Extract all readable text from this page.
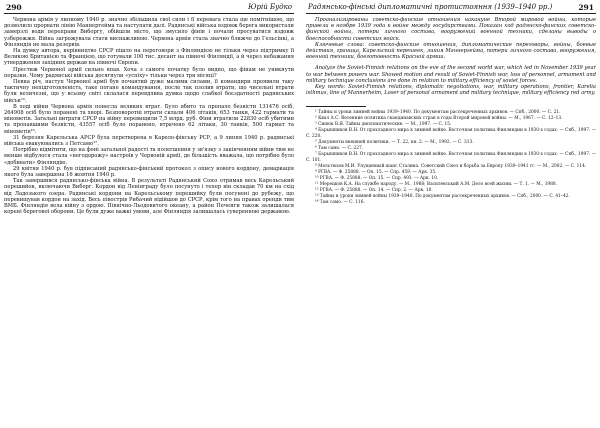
290	Юрій Будко

Червона армія у липному 1940 р. значно збільшила свої сили і її перевага стала ще помітнішою, що дозволило прорвати лінію Маннергейма та наступати далі. Радянські війська вздовж берега використали замерзлі води переправи Виборгу, обійшли місто, що змусило фінів і почали просуватися вздовж узбережжя. Війна загрожувала стати виснажливою. Червона армія стала значно ближче до Гельсінкі, а Фінляндія не мала резервів.

На думку автора, керівництво СРСР пішло на переговори з Фінляндією не тільки через підтримку її Великою Британією та Францією, що готували 100 тис. десант на півночі Фінляндії, а й через небажання утвердження західних держав на півночі Європи.

Престиж Червоної армії сильно впав. Хоча з самого початку було видно, що фінам не уникнути поразки. Чому радянські війська досягнули «успіху» тільки через три місяці?

Певна річ, наступ Червоної армії був почантий дуже малими силами, її командири проявили таку тактичну непідготовленість, таке погане командування, после так пзолив втрати, що чисельні втрати були величезні, що у всьому світі склалася перевдлива думка щодо слабкої боєздатності радянських військ¹⁵.

В ході війни Червона армія понесла великих втрат. Було вбито та пропало безвісти 131476 осіб, 264908 осіб було поранені та хворі. Безповоротні втрати склали 406 літаків, 653 танки, 422 гармати та мінометів. Загальні витрати СРСР на війну перевищили 7,5 млрд. руб. Фіни втратили 22830 осіб убитими та пропавшими безвісти, 43557 осіб було поранено, втрачено 62 літаки, 30 танків, 500 гармат та мінометів¹⁶.

31 березня Карельська АРСР була перетворена в Карело-фінську РСР, а 9 липня 1940 р. радянські війська евакуювались з Петсамо¹⁷.

Потрібно відмітити, що на фоні загальної радості та полегшення у зв'язку з закінченням війни тим не менше відбулося стала «негодорожу» настроїв у Червоній армії, де більшість вважала, що потрібно було «добивати» Фінляндію.

29 квітня 1940 р. був підписаний радянсько-фінський протокол з опису нового кордону, демаркація якого була завершена 16 жовтня 1940 р.

Так завершився радянсько-фінська війна. В результаті Радянський Союз отримав весь Карельський перешийок, включаючи Виборг. Кордон від Ленінграду було посунуто і тепер він складав 70 км на схід від Ладозького озера. Радянські кордони на Карельському перешийку були посунені до рубежу, що перевищував кордон на захід. Весь півострів Рибачий відійшов до СРСР, крім того на правах оренди тим ВМБ. Фінляндія вела війну з ордою. Північно-Льодовитого океану, а район Печенги також залишалася корені берегової оборони. Це були дуже важкі умови, але Фінляндія залишалась суверенною державою.

Радянсько-фінські дипломатичні протистояння (1939–1940 рр.)	291

Проанализированы советско-финские отношения накануне Второй мировой войны, которые привели в ноябре 1939 года к войне между государствами. Показан ход радянско-финских советско-финской войны, потери личного состава, вооружений военной техники, сделаны выводы о боеспособности советских войск.

Ключевые слова: советско-финские отношения, дипломатические переговоры, войны, боевые действия, граница, Карельский перешеек, линия Маннергейма, потери личного состава, вооружения, военной техники, боеготовность Красной армии.

Analyze the Soviet-Finnish relations on the eve of the second world war, which led in November 1939 year to war between powers war. Showed motion and result of Soviet-Finnish war, loss of personnel, armament and military technique conclusions are done in relation to military efficiency of soviet forces.

Key words: Soviet-Finnish relations, diplomatic negotiations, war, military operations, frontier, Karelia isthmus, line of Mannerheim, Loser of personal armament and military technique, military efficiency red army.

¹ Тайны и уроки зимней войны 1939–1940. По документам рассекреченных архивов. — Спб., 2000. — С. 21.

² Квал А.С. Весенние политика скандинавских стран в годы Второй мировой войны. — М., 1967. — С. 12–13.

³ Синюк В.Я. Тайны дипломатические. — М., 1997. — С. 15.

⁴ Барышников В.Н. От прохладного мира к зимней войне. Восточная политика Финляндии в 1930-х годах. — Спб., 1997. — С. 220.

⁵ Документы внешней политики. — Т. 22, кн. 2. — М., 1992. — С. 313.

⁶ Там само. — С. 227.

⁷ Барышников В.Н. От прохладного мира к зимней войне. Восточная политика Финляндии в 1930-х годах. — Спб., 1997. — С. 101.

⁸ Мельтюхов М.И. Упущенный шанс Сталина. Советский Союз и борьба за Европу 1939–1941 гг. — М., 2002. — С. 114.

⁹ РГВА. — Ф. 25888. — Оп. 15. — Спр. 459. — Арк. 35.

¹⁰ РГВА. — Ф. 25888. — Оп. 15. — Спр. 493. — Арк. 10.

¹¹ Мерецков К.А. На службе народу. — М., 1988; Василевський А.М. Дело всей жизни. — Т. 1. — М., 1988.

¹² РГВА. — Ф. 25888. — Оп. 14. — Спр. 2. — Арк. 10.

¹³ Тайны и уроки зимней войны 1939–1940. По документам рассекреченных архивов. — Спб., 2000. — С. 41–42.

¹⁴ Там само. — С. 116.
